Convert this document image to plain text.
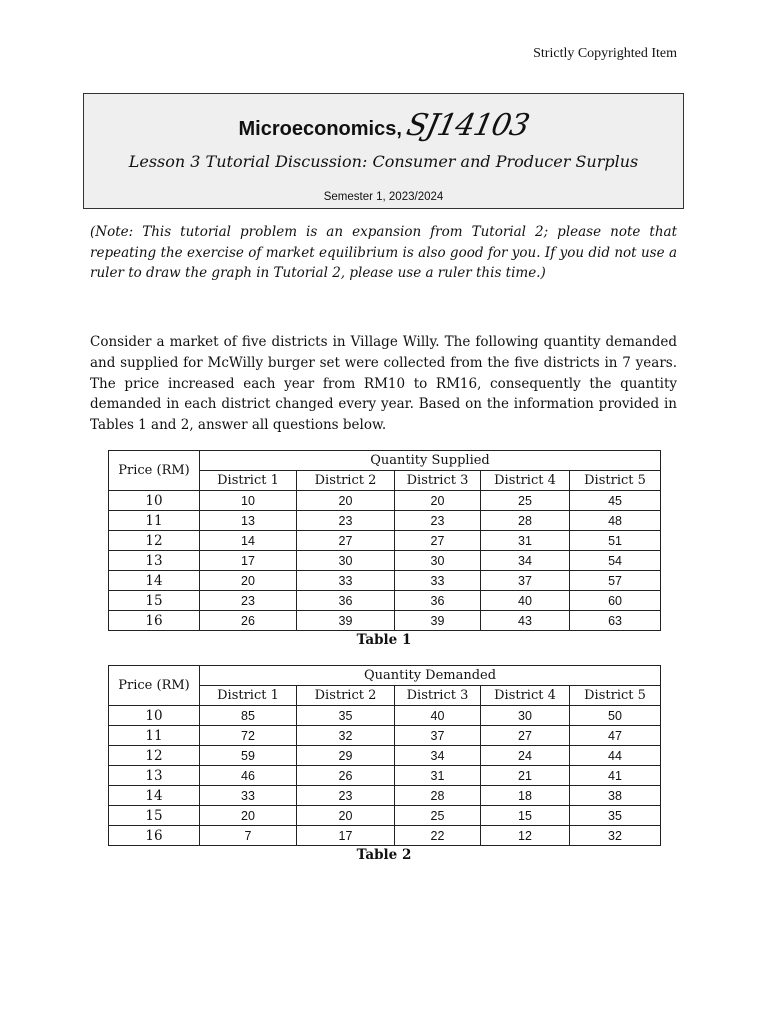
Strictly Copyrighted Item
Microeconomics, SJ14103
Lesson 3 Tutorial Discussion: Consumer and Producer Surplus
Semester 1, 2023/2024

(Note: This tutorial problem is an expansion from Tutorial 2; please note that repeating the exercise of market equilibrium is also good for you. If you did not use a ruler to draw the graph in Tutorial 2, please use a ruler this time.)

Consider a market of five districts in Village Willy. The following quantity demanded and supplied for McWilly burger set were collected from the five districts in 7 years. The price increased each year from RM10 to RM16, consequently the quantity demanded in each district changed every year. Based on the information provided in Tables 1 and 2, answer all questions below.

Price (RM)	Quantity Supplied				
	District 1	District 2	District 3	District 4	District 5
10	10	20	20	25	45
11	13	23	23	28	48
12	14	27	27	31	51
13	17	30	30	34	54
14	20	33	33	37	57
15	23	36	36	40	60
16	26	39	39	43	63
Table 1
Price (RM)	Quantity Demanded				
	District 1	District 2	District 3	District 4	District 5
10	85	35	40	30	50
11	72	32	37	27	47
12	59	29	34	24	44
13	46	26	31	21	41
14	33	23	28	18	38
15	20	20	25	15	35
16	7	17	22	12	32
Table 2
